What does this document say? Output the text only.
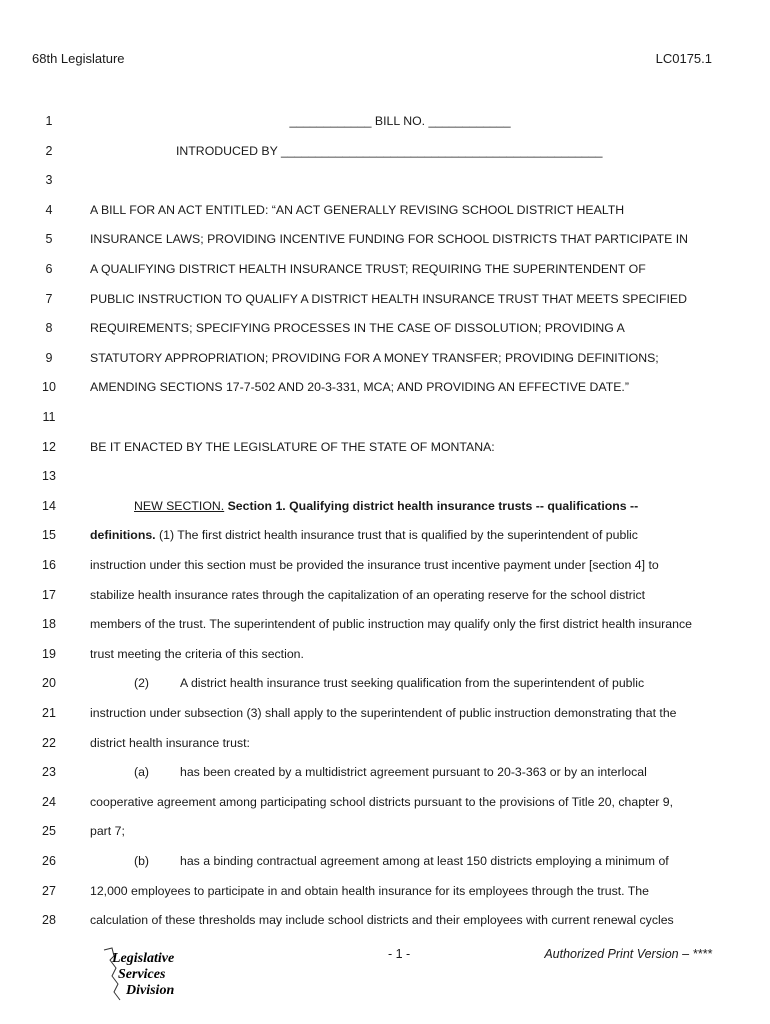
68th Legislature	LC0175.1
1	____________ BILL NO. ____________
2	INTRODUCED BY _______________________________________________
3
4	A BILL FOR AN ACT ENTITLED: “AN ACT GENERALLY REVISING SCHOOL DISTRICT HEALTH
5	INSURANCE LAWS; PROVIDING INCENTIVE FUNDING FOR SCHOOL DISTRICTS THAT PARTICIPATE IN
6	A QUALIFYING DISTRICT HEALTH INSURANCE TRUST; REQUIRING THE SUPERINTENDENT OF
7	PUBLIC INSTRUCTION TO QUALIFY A DISTRICT HEALTH INSURANCE TRUST THAT MEETS SPECIFIED
8	REQUIREMENTS; SPECIFYING PROCESSES IN THE CASE OF DISSOLUTION; PROVIDING A
9	STATUTORY APPROPRIATION; PROVIDING FOR A MONEY TRANSFER; PROVIDING DEFINITIONS;
10	AMENDING SECTIONS 17-7-502 AND 20-3-331, MCA; AND PROVIDING AN EFFECTIVE DATE.”
11
12	BE IT ENACTED BY THE LEGISLATURE OF THE STATE OF MONTANA:
13
14	NEW SECTION. Section 1. Qualifying district health insurance trusts -- qualifications --
15	definitions. (1) The first district health insurance trust that is qualified by the superintendent of public
16	instruction under this section must be provided the insurance trust incentive payment under [section 4] to
17	stabilize health insurance rates through the capitalization of an operating reserve for the school district
18	members of the trust. The superintendent of public instruction may qualify only the first district health insurance
19	trust meeting the criteria of this section.
20	(2)	A district health insurance trust seeking qualification from the superintendent of public
21	instruction under subsection (3) shall apply to the superintendent of public instruction demonstrating that the
22	district health insurance trust:
23	(a)	has been created by a multidistrict agreement pursuant to 20-3-363 or by an interlocal
24	cooperative agreement among participating school districts pursuant to the provisions of Title 20, chapter 9,
25	part 7;
26	(b)	has a binding contractual agreement among at least 150 districts employing a minimum of
27	12,000 employees to participate in and obtain health insurance for its employees through the trust. The
28	calculation of these thresholds may include school districts and their employees with current renewal cycles
- 1 -	Authorized Print Version – ****
Legislative
Services
Division
